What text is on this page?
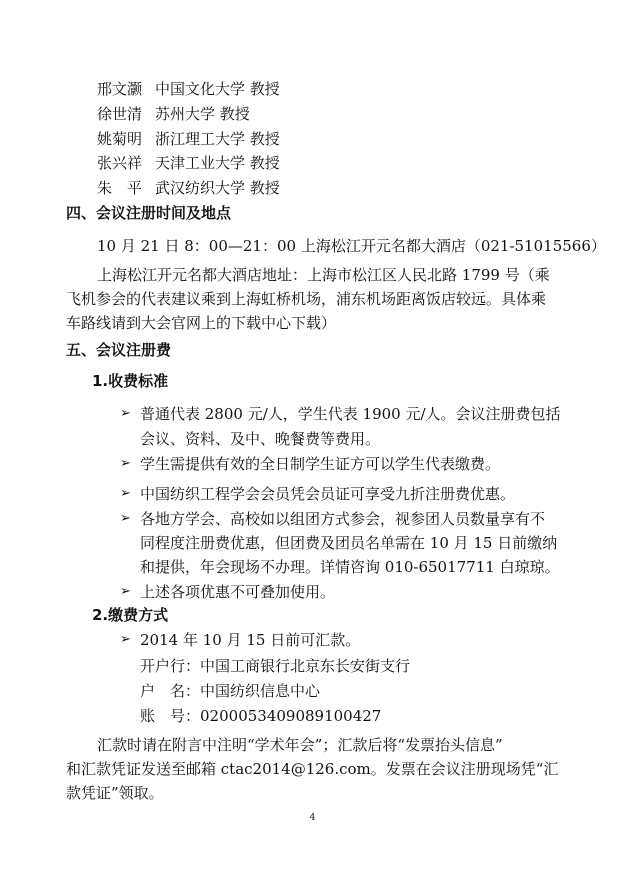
邢文灏 中国文化大学 教授
徐世清 苏州大学 教授
姚菊明 浙江理工大学 教授
张兴祥 天津工业大学 教授
朱　平 武汉纺织大学 教授
四、会议注册时间及地点
10 月 21 日 8：00—21：00 上海松江开元名都大酒店（021-51015566）
上海松江开元名都大酒店地址：上海市松江区人民北路 1799 号（乘
飞机参会的代表建议乘到上海虹桥机场，浦东机场距离饭店较远。具体乘
车路线请到大会官网上的下载中心下载）
五、会议注册费
1.收费标准
➢ 普通代表 2800 元/人，学生代表 1900 元/人。会议注册费包括
会议、资料、及中、晚餐费等费用。
➢ 学生需提供有效的全日制学生证方可以学生代表缴费。
➢ 中国纺织工程学会会员凭会员证可享受九折注册费优惠。
➢ 各地方学会、高校如以组团方式参会，视参团人员数量享有不
同程度注册费优惠，但团费及团员名单需在 10 月 15 日前缴纳
和提供，年会现场不办理。详情咨询 010-65017711 白琼琼。
➢ 上述各项优惠不可叠加使用。
2.缴费方式
➢ 2014 年 10 月 15 日前可汇款。
开户行：中国工商银行北京东长安街支行
户　名：中国纺织信息中心
账　号：0200053409089100427
汇款时请在附言中注明“学术年会”；汇款后将“发票抬头信息”
和汇款凭证发送至邮箱 ctac2014@126.com。发票在会议注册现场凭“汇
款凭证”领取。
4
